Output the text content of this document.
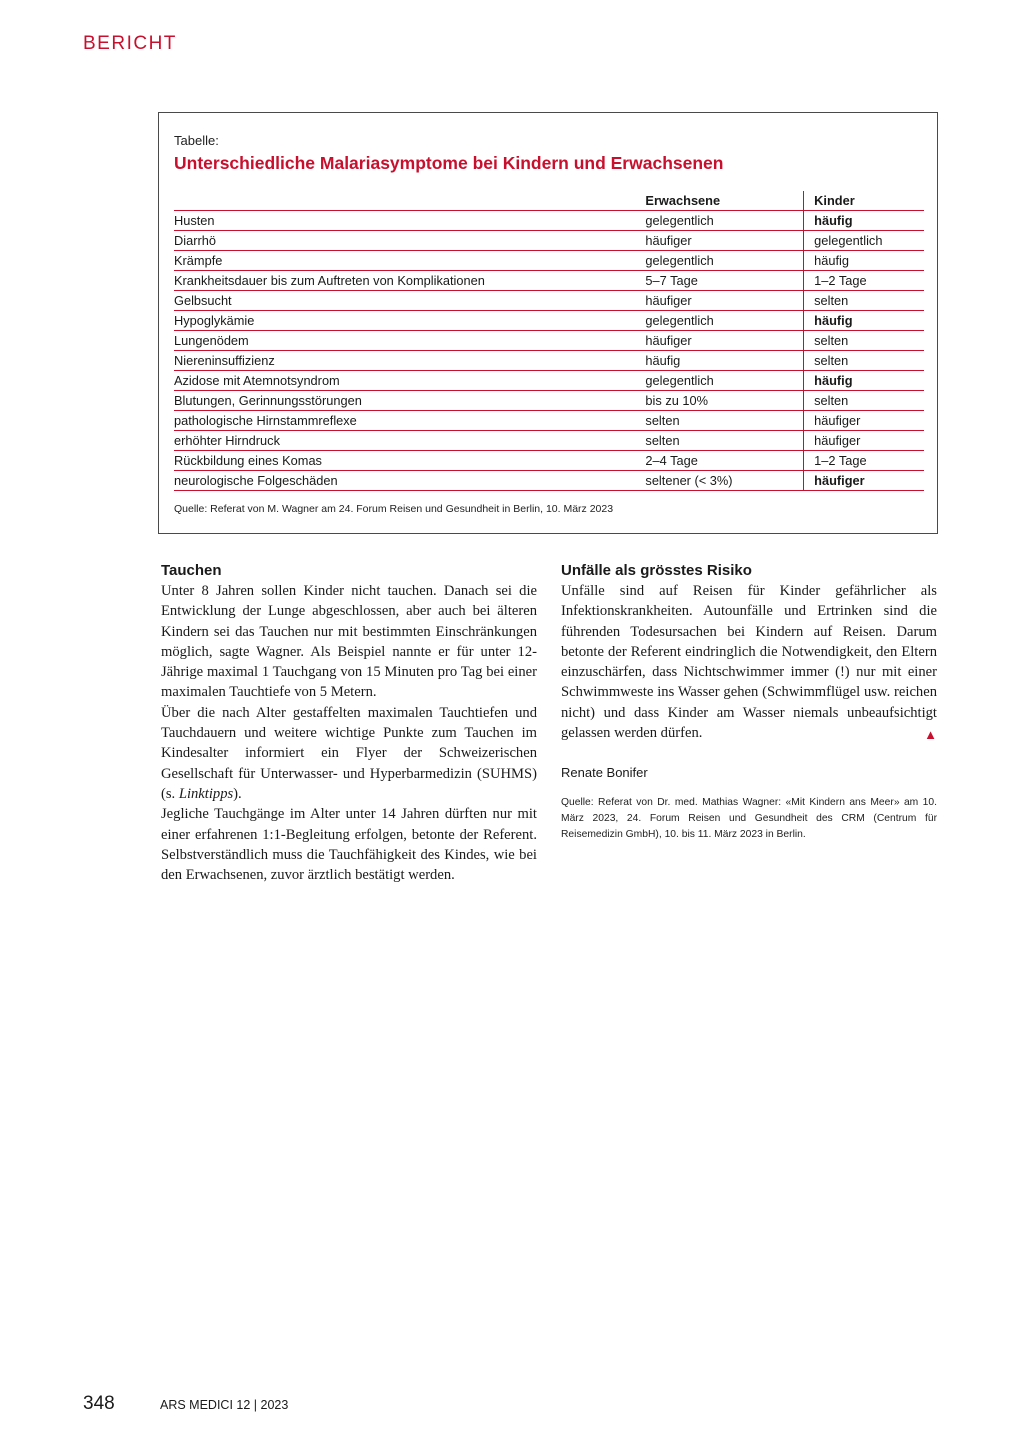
BERICHT
Tabelle:
Unterschiedliche Malariasymptome bei Kindern und Erwachsenen
	Erwachsene	Kinder
Husten	gelegentlich	häufig
Diarrhö	häufiger	gelegentlich
Krämpfe	gelegentlich	häufig
Krankheitsdauer bis zum Auftreten von Komplikationen	5–7 Tage	1–2 Tage
Gelbsucht	häufiger	selten
Hypoglykämie	gelegentlich	häufig
Lungenödem	häufiger	selten
Niereninsuffizienz	häufig	selten
Azidose mit Atemnotsyndrom	gelegentlich	häufig
Blutungen, Gerinnungsstörungen	bis zu 10%	selten
pathologische Hirnstammreflexe	selten	häufiger
erhöhter Hirndruck	selten	häufiger
Rückbildung eines Komas	2–4 Tage	1–2 Tage
neurologische Folgeschäden	seltener (< 3%)	häufiger
Quelle: Referat von M. Wagner am 24. Forum Reisen und Gesundheit in Berlin, 10. März 2023
Tauchen

Unter 8 Jahren sollen Kinder nicht tauchen. Danach sei die Entwicklung der Lunge abgeschlossen, aber auch bei älteren Kindern sei das Tauchen nur mit bestimmten Einschränkungen möglich, sagte Wagner. Als Beispiel nannte er für unter 12-Jährige maximal 1 Tauchgang von 15 Minuten pro Tag bei einer maximalen Tauchtiefe von 5 Metern.

Über die nach Alter gestaffelten maximalen Tauchtiefen und Tauchdauern und weitere wichtige Punkte zum Tauchen im Kindesalter informiert ein Flyer der Schweizerischen Gesellschaft für Unterwasser- und Hyperbarmedizin (SUHMS) (s. Linktipps).

Jegliche Tauchgänge im Alter unter 14 Jahren dürften nur mit einer erfahrenen 1:1-Begleitung erfolgen, betonte der Referent. Selbstverständlich muss die Tauchfähigkeit des Kindes, wie bei den Erwachsenen, zuvor ärztlich bestätigt werden.

Unfälle als grösstes Risiko

Unfälle sind auf Reisen für Kinder gefährlicher als Infektionskrankheiten. Autounfälle und Ertrinken sind die führenden Todesursachen bei Kindern auf Reisen. Darum betonte der Referent eindringlich die Notwendigkeit, den Eltern einzuschärfen, dass Nichtschwimmer immer (!) nur mit einer Schwimmweste ins Wasser gehen (Schwimmflügel usw. reichen nicht) und dass Kinder am Wasser niemals unbeaufsichtigt gelassen werden dürfen.	▲

Renate Bonifer
Quelle: Referat von Dr. med. Mathias Wagner: «Mit Kindern ans Meer» am 10. März 2023, 24. Forum Reisen und Gesundheit des CRM (Centrum für Reisemedizin GmbH), 10. bis 11. März 2023 in Berlin.
348	ARS MEDICI 12 | 2023
